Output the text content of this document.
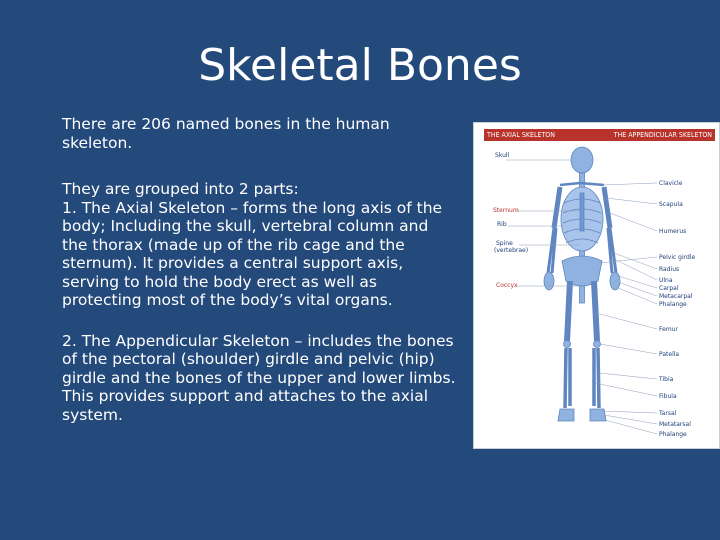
Skeletal Bones

There are 206 named bones in the human skeleton.

They are grouped into 2 parts:
1. The Axial Skeleton – forms the long axis of the body; Including the skull, vertebral column and the thorax (made up of the rib cage and the sternum). It provides a central support axis, serving to hold the body erect as well as protecting most of the body’s vital organs.

2. The Appendicular Skeleton – includes the bones of the pectoral (shoulder) girdle and pelvic (hip) girdle and the bones of the upper and lower limbs. This provides support and attaches to the axial system.

THE AXIAL SKELETON	THE APPENDICULAR SKELETON
Skull
Sternum
Rib
Spine
(vertebrae)
Coccyx
Clavicle
Scapula
Humerus
Pelvic girdle
Radius
Ulna
Carpal
Metacarpal
Phalange
Femur
Patella
Tibia
Fibula
Tarsal
Metatarsal
Phalange
